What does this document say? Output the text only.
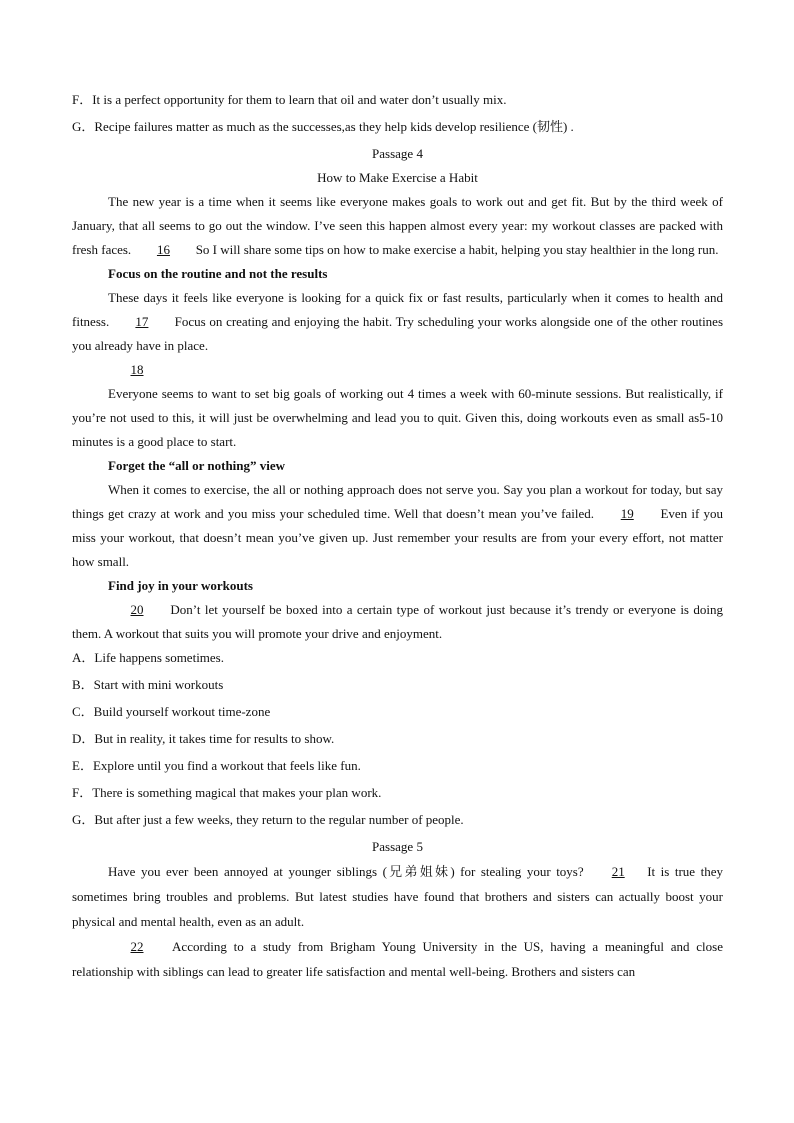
F．It is a perfect opportunity for them to learn that oil and water don’t usually mix.

G．Recipe failures matter as much as the successes,as they help kids develop resilience (韧性) .

Passage 4

How to Make Exercise a Habit

The new year is a time when it seems like everyone makes goals to work out and get fit. But by the third week of January, that all seems to go out the window. I’ve seen this happen almost every year: my workout classes are packed with fresh faces. 16 So I will share some tips on how to make exercise a habit, helping you stay healthier in the long run.

Focus on the routine and not the results

These days it feels like everyone is looking for a quick fix or fast results, particularly when it comes to health and fitness. 17 Focus on creating and enjoying the habit. Try scheduling your works alongside one of the other routines you already have in place.

18

Everyone seems to want to set big goals of working out 4 times a week with 60-minute sessions. But realistically, if you’re not used to this, it will just be overwhelming and lead you to quit. Given this, doing workouts even as small as5-10 minutes is a good place to start.

Forget the “all or nothing” view

When it comes to exercise, the all or nothing approach does not serve you. Say you plan a workout for today, but say things get crazy at work and you miss your scheduled time. Well that doesn’t mean you’ve failed. 19 Even if you miss your workout, that doesn’t mean you’ve given up. Just remember your results are from your every effort, not matter how small.

Find joy in your workouts

20 Don’t let yourself be boxed into a certain type of workout just because it’s trendy or everyone is doing them. A workout that suits you will promote your drive and enjoyment.

A．Life happens sometimes.

B．Start with mini workouts

C．Build yourself workout time-zone

D．But in reality, it takes time for results to show.

E．Explore until you find a workout that feels like fun.

F．There is something magical that makes your plan work.

G．But after just a few weeks, they return to the regular number of people.

Passage 5

Have you ever been annoyed at younger siblings (兄弟姐妹) for stealing your toys? 21 It is true they sometimes bring troubles and problems. But latest studies have found that brothers and sisters can actually boost your physical and mental health, even as an adult.

22 According to a study from Brigham Young University in the US, having a meaningful and close relationship with siblings can lead to greater life satisfaction and mental well-being. Brothers and sisters can
